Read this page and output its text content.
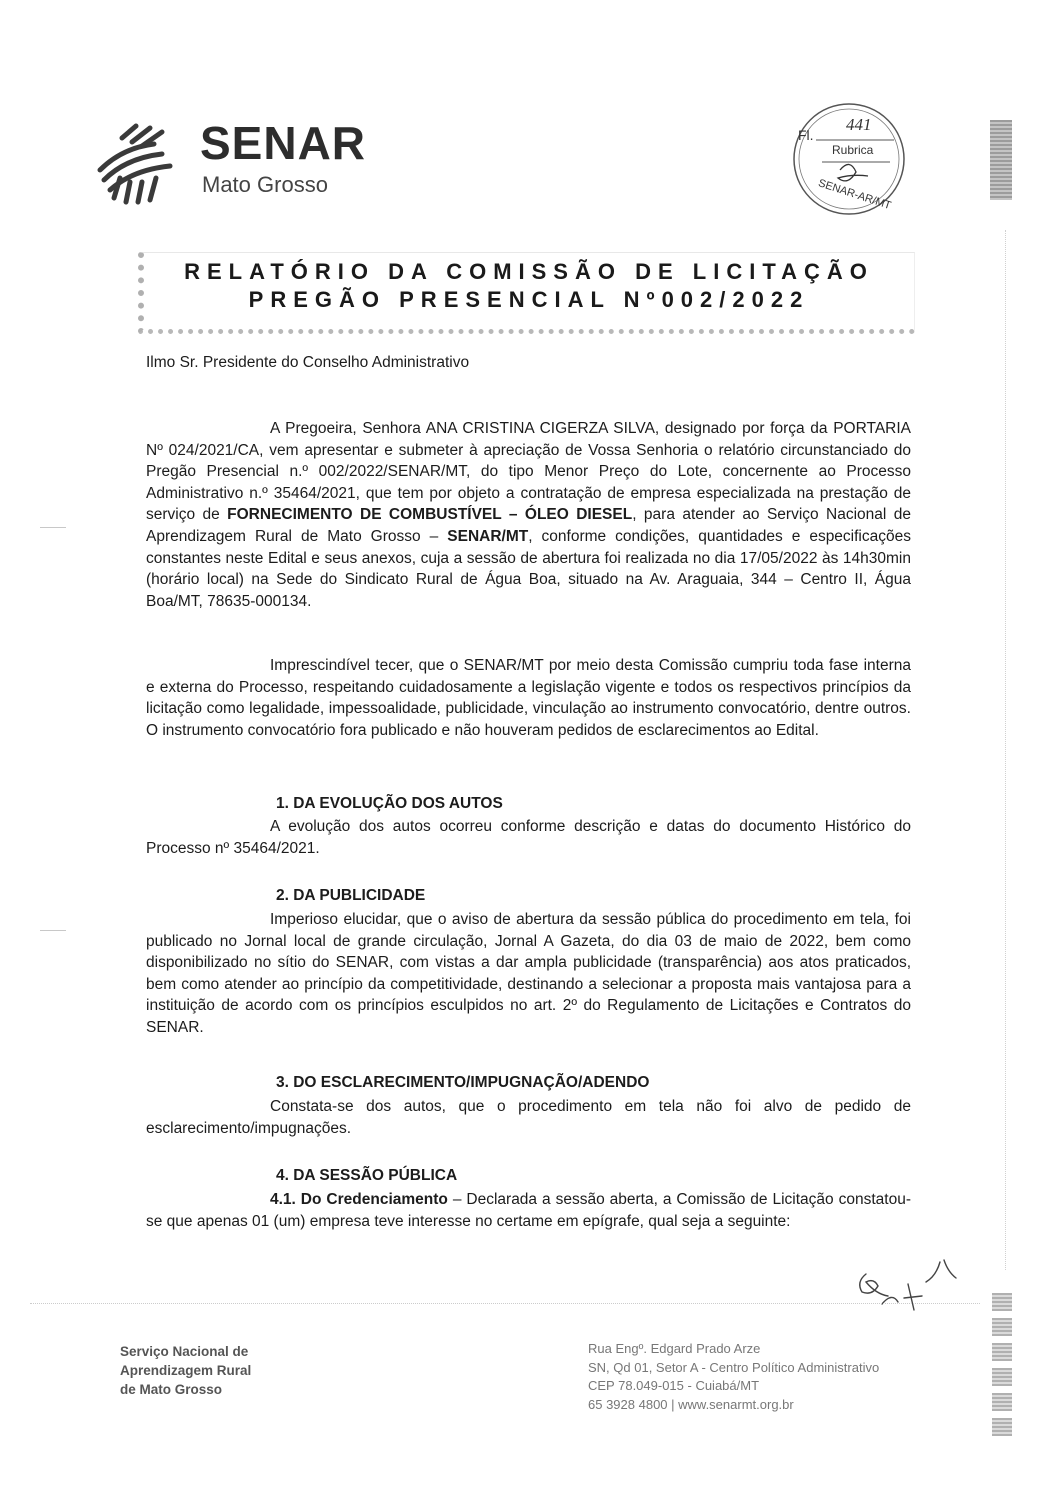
SENAR
Mato Grosso
Fl.
441
Rubrica
SENAR-AR/MT
RELATÓRIO DA COMISSÃO DE LICITAÇÃO
PREGÃO PRESENCIAL Nº002/2022

Ilmo Sr. Presidente do Conselho Administrativo

A Pregoeira, Senhora ANA CRISTINA CIGERZA SILVA, designado por força da PORTARIA Nº 024/2021/CA, vem apresentar e submeter à apreciação de Vossa Senhoria o relatório circunstanciado do Pregão Presencial n.º 002/2022/SENAR/MT, do tipo Menor Preço do Lote, concernente ao Processo Administrativo n.º 35464/2021, que tem por objeto a contratação de empresa especializada na prestação de serviço de FORNECIMENTO DE COMBUSTÍVEL – ÓLEO DIESEL, para atender ao Serviço Nacional de Aprendizagem Rural de Mato Grosso – SENAR/MT, conforme condições, quantidades e especificações constantes neste Edital e seus anexos, cuja a sessão de abertura foi realizada no dia 17/05/2022 às 14h30min (horário local) na Sede do Sindicato Rural de Água Boa, situado na Av. Araguaia, 344 – Centro II, Água Boa/MT, 78635-000134.

Imprescindível tecer, que o SENAR/MT por meio desta Comissão cumpriu toda fase interna e externa do Processo, respeitando cuidadosamente a legislação vigente e todos os respectivos princípios da licitação como legalidade, impessoalidade, publicidade, vinculação ao instrumento convocatório, dentre outros. O instrumento convocatório fora publicado e não houveram pedidos de esclarecimentos ao Edital.

1. DA EVOLUÇÃO DOS AUTOS

A evolução dos autos ocorreu conforme descrição e datas do documento Histórico do Processo nº 35464/2021.

2. DA PUBLICIDADE

Imperioso elucidar, que o aviso de abertura da sessão pública do procedimento em tela, foi publicado no Jornal local de grande circulação, Jornal A Gazeta, do dia 03 de maio de 2022, bem como disponibilizado no sítio do SENAR, com vistas a dar ampla publicidade (transparência) aos atos praticados, bem como atender ao princípio da competitividade, destinando a selecionar a proposta mais vantajosa para a instituição de acordo com os princípios esculpidos no art. 2º do Regulamento de Licitações e Contratos do SENAR.

3. DO ESCLARECIMENTO/IMPUGNAÇÃO/ADENDO

Constata-se dos autos, que o procedimento em tela não foi alvo de pedido de esclarecimento/impugnações.

4. DA SESSÃO PÚBLICA

4.1. Do Credenciamento – Declarada a sessão aberta, a Comissão de Licitação constatou-se que apenas 01 (um) empresa teve interesse no certame em epígrafe, qual seja a seguinte:

Serviço Nacional de
Aprendizagem Rural
de Mato Grosso
Rua Engº. Edgard Prado Arze
SN, Qd 01, Setor A - Centro Político Administrativo
CEP 78.049-015 - Cuiabá/MT
65 3928 4800 | www.senarmt.org.br
